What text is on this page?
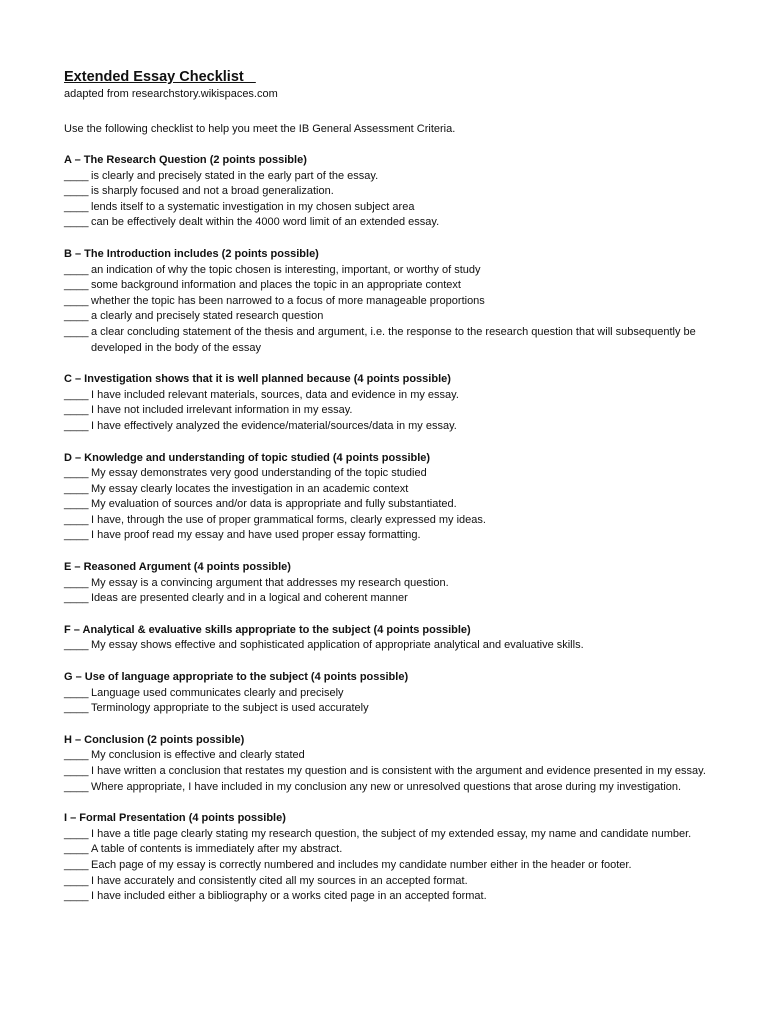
Extended Essay Checklist

adapted from researchstory.wikispaces.com

Use the following checklist to help you meet the IB General Assessment Criteria.

A – The Research Question (2 points possible)

____ is clearly and precisely stated in the early part of the essay.
____ is sharply focused and not a broad generalization.
____ lends itself to a systematic investigation in my chosen subject area
____ can be effectively dealt within the 4000 word limit of an extended essay.

B – The Introduction includes (2 points possible)

____ an indication of why the topic chosen is interesting, important, or worthy of study
____ some background information and places the topic in an appropriate context
____ whether the topic has been narrowed to a focus of more manageable proportions
____ a clearly and precisely stated research question
____ a clear concluding statement of the thesis and argument, i.e. the response to the research question that will subsequently be developed in the body of the essay

C – Investigation shows that it is well planned because (4 points possible)

____ I have included relevant materials, sources, data and evidence in my essay.
____ I have not included irrelevant information in my essay.
____ I have effectively analyzed the evidence/material/sources/data in my essay.

D – Knowledge and understanding of topic studied (4 points possible)

____ My essay demonstrates very good understanding of the topic studied
____ My essay clearly locates the investigation in an academic context
____ My evaluation of sources and/or data is appropriate and fully substantiated.
____ I have, through the use of proper grammatical forms, clearly expressed my ideas.
____ I have proof read my essay and have used proper essay formatting.

E – Reasoned Argument (4 points possible)

____ My essay is a convincing argument that addresses my research question.
____ Ideas are presented clearly and in a logical and coherent manner

F – Analytical & evaluative skills appropriate to the subject (4 points possible)

____ My essay shows effective and sophisticated application of appropriate analytical and evaluative skills.

G – Use of language appropriate to the subject (4 points possible)

____ Language used communicates clearly and precisely
____ Terminology appropriate to the subject is used accurately

H – Conclusion (2 points possible)

____ My conclusion is effective and clearly stated
____ I have written a conclusion that restates my question and is consistent with the argument and evidence presented in my essay.
____ Where appropriate, I have included in my conclusion any new or unresolved questions that arose during my investigation.

I – Formal Presentation (4 points possible)

____ I have a title page clearly stating my research question, the subject of my extended essay, my name and candidate number.
____ A table of contents is immediately after my abstract.
____ Each page of my essay is correctly numbered and includes my candidate number either in the header or footer.
____ I have accurately and consistently cited all my sources in an accepted format.
____ I have included either a bibliography or a works cited page in an accepted format.
